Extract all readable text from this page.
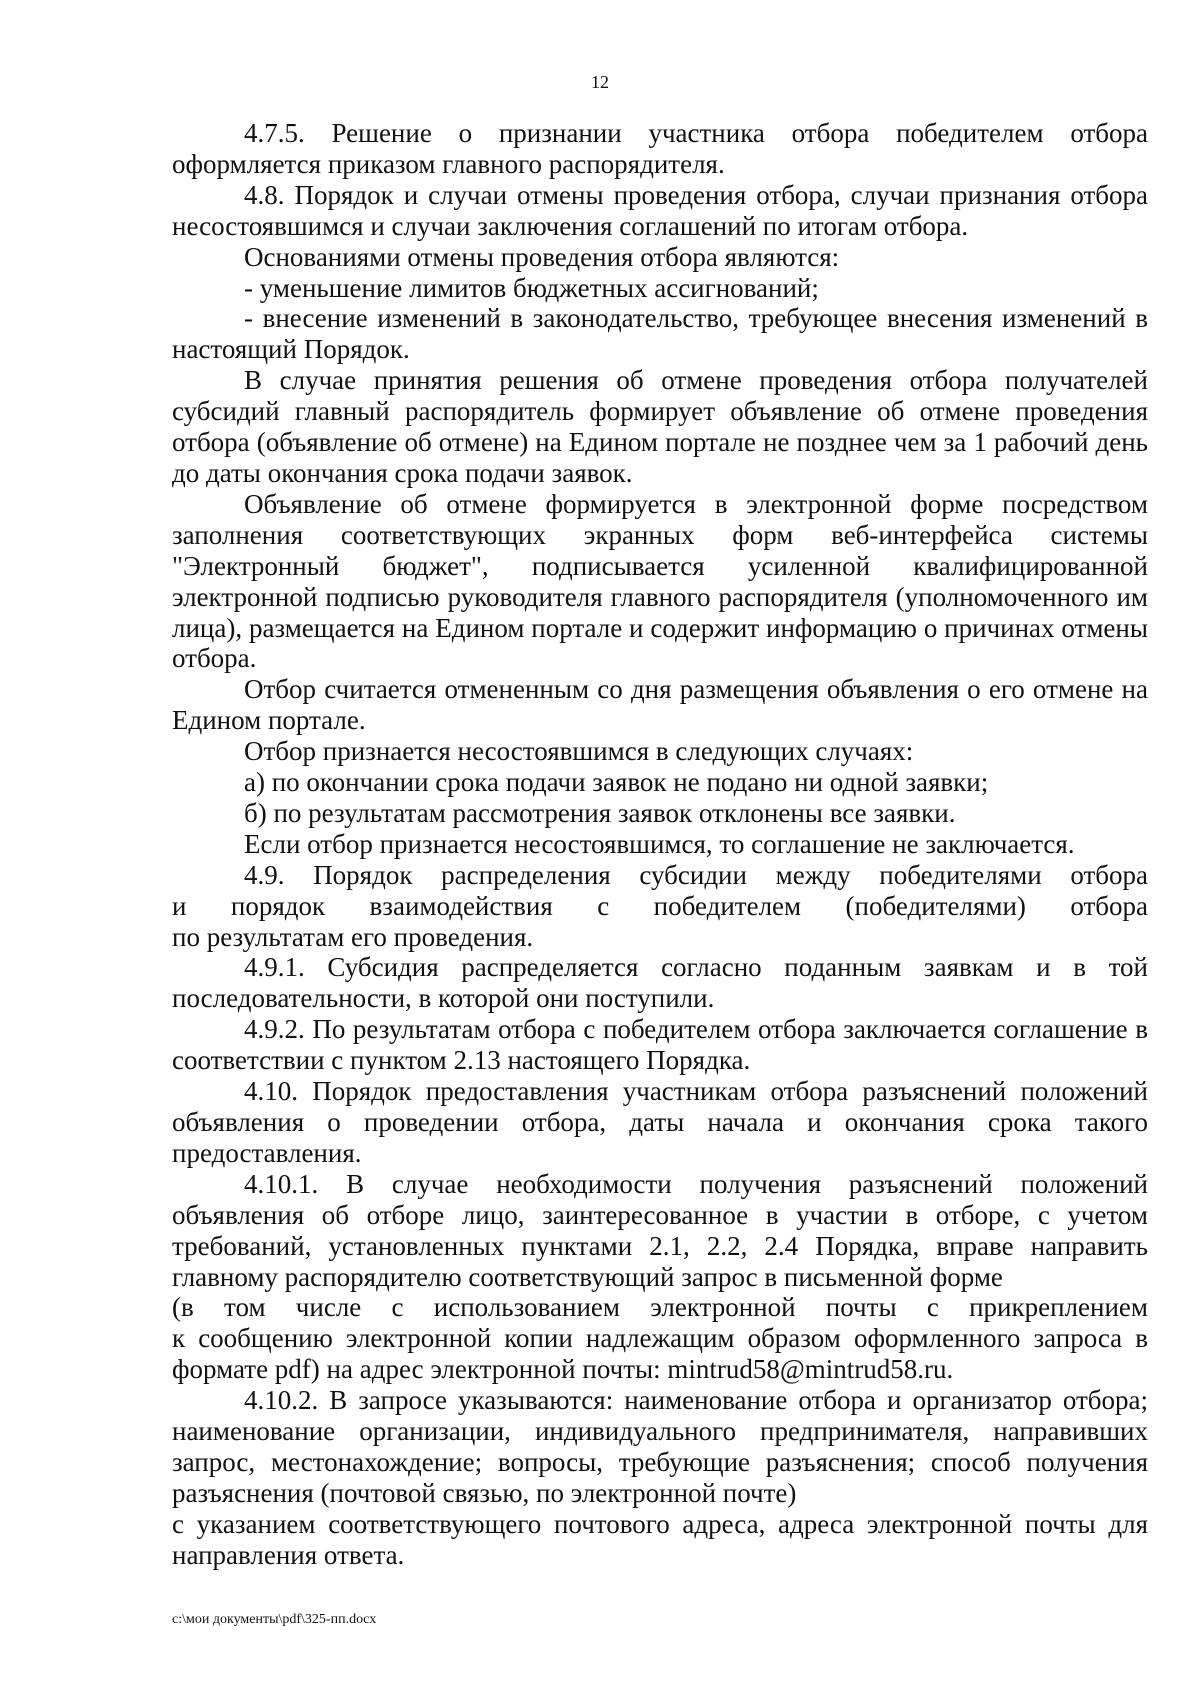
12

4.7.5. Решение о признании участника отбора победителем отбора оформляется приказом главного распорядителя.

4.8. Порядок и случаи отмены проведения отбора, случаи признания отбора несостоявшимся и случаи заключения соглашений по итогам отбора.

Основаниями отмены проведения отбора являются:

- уменьшение лимитов бюджетных ассигнований;

- внесение изменений в законодательство, требующее внесения изменений в настоящий Порядок.

В случае принятия решения об отмене проведения отбора получателей субсидий главный распорядитель формирует объявление об отмене проведения отбора (объявление об отмене) на Едином портале не позднее чем за 1 рабочий день до даты окончания срока подачи заявок.

Объявление об отмене формируется в электронной форме посредством заполнения соответствующих экранных форм веб-интерфейса системы "Электронный бюджет", подписывается усиленной квалифицированной электронной подписью руководителя главного распорядителя (уполномоченного им лица), размещается на Едином портале и содержит информацию о причинах отмены отбора.

Отбор считается отмененным со дня размещения объявления о его отмене на Едином портале.

Отбор признается несостоявшимся в следующих случаях:

а) по окончании срока подачи заявок не подано ни одной заявки;

б) по результатам рассмотрения заявок отклонены все заявки.

Если отбор признается несостоявшимся, то соглашение не заключается.

4.9. Порядок распределения субсидии между победителями отбора

и порядок взаимодействия с победителем (победителями) отбора

по результатам его проведения.

4.9.1. Субсидия распределяется согласно поданным заявкам и в той последовательности, в которой они поступили.

4.9.2. По результатам отбора с победителем отбора заключается соглашение в соответствии с пунктом 2.13 настоящего Порядка.

4.10. Порядок предоставления участникам отбора разъяснений положений объявления о проведении отбора, даты начала и окончания срока такого предоставления.

4.10.1. В случае необходимости получения разъяснений положений объявления об отборе лицо, заинтересованное в участии в отборе, с учетом требований, установленных пунктами 2.1, 2.2, 2.4 Порядка, вправе направить главному распорядителю соответствующий запрос в письменной форме

(в том числе с использованием электронной почты с прикреплением

к сообщению электронной копии надлежащим образом оформленного запроса в формате pdf) на адрес электронной почты: mintrud58@mintrud58.ru.

4.10.2. В запросе указываются: наименование отбора и организатор отбора; наименование организации, индивидуального предпринимателя, направивших запрос, местонахождение; вопросы, требующие разъяснения; способ получения разъяснения (почтовой связью, по электронной почте)

с указанием соответствующего почтового адреса, адреса электронной почты для направления ответа.

c:\мои документы\pdf\325-пп.docx
